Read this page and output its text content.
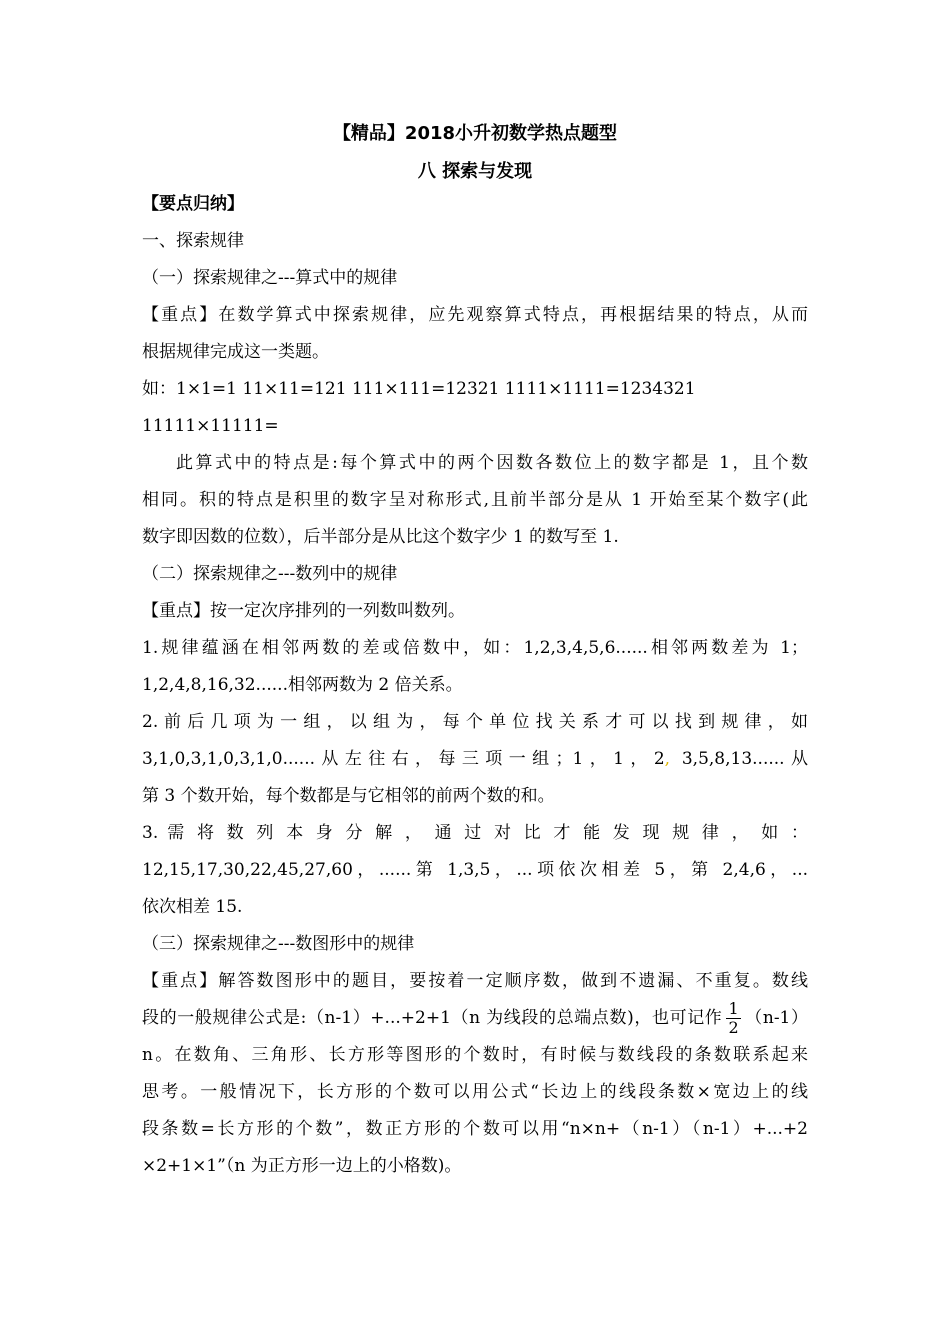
【精品】2018小升初数学热点题型

八 探索与发现

【要点归纳】

一、探索规律

（一）探索规律之---算式中的规律

【重点】在数学算式中探索规律，应先观察算式特点，再根据结果的特点，从而

根据规律完成这一类题。

如：1×1=1 11×11=121 111×111=12321 1111×1111=1234321

11111×11111=

此算式中的特点是:每个算式中的两个因数各数位上的数字都是 1，且个数

相同。积的特点是积里的数字呈对称形式,且前半部分是从 1 开始至某个数字(此

数字即因数的位数），后半部分是从比这个数字少 1 的数写至 1.

（二）探索规律之---数列中的规律

【重点】按一定次序排列的一列数叫数列。

1.规律蕴涵在相邻两数的差或倍数中，如：1,2,3,4,5,6......相邻两数差为 1；

1,2,4,8,16,32......相邻两数为 2 倍关系。

2. 前 后 几 项 为 一 组 ， 以 组 为 ， 每 个 单 位 找 关 系 才 可 以 找 到 规 律 ， 如

3,1,0,3,1,0,3,1,0......从左往右，每三项一组；1，1，2, 3,5,8,13......从

第 3 个数开始，每个数都是与它相邻的前两个数的和。

3. 需 将 数 列 本 身 分 解 ， 通 过 对 比 才 能 发 现 规 律 ， 如 ：

12,15,17,30,22,45,27,60，......第 1,3,5，...项依次相差 5，第 2,4,6，...

依次相差 15.

（三）探索规律之---数图形中的规律

【重点】解答数图形中的题目，要按着一定顺序数，做到不遗漏、不重复。数线

段的一般规律公式是:（n-1）+...+2+1（n 为线段的总端点数)，也可记作 $\frac{1}{2} (n-1)$

n。在数角、三角形、长方形等图形的个数时，有时候与数线段的条数联系起来

思考。一般情况下，长方形的个数可以用公式“长边上的线段条数×宽边上的线

段条数=长方形的个数”，数正方形的个数可以用“n×n+（n-1）（n-1）+...+2

×2+1×1”（n 为正方形一边上的小格数)。
